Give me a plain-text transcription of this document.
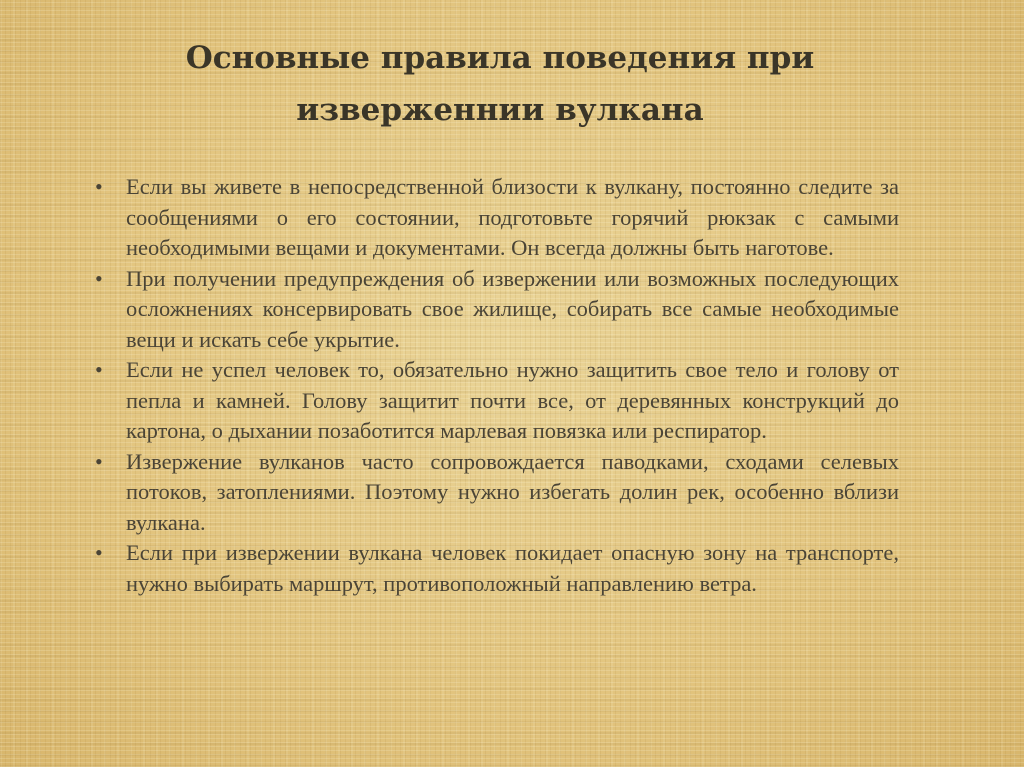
Основные правила поведения при изверженнии вулкана
• Если вы живете в непосредственной близости к вулкану, постоянно следите за сообщениями о его состоянии, подготовьте горячий рюкзак с самыми необходимыми вещами и документами. Он всегда должны быть наготове.
• При получении предупреждения об извержении или возможных последующих осложнениях консервировать свое жилище, собирать все самые необходимые вещи и искать себе укрытие.
• Если не успел человек то, обязательно нужно защитить свое тело и голову от пепла и камней. Голову защитит почти все, от деревянных конструкций до картона, о дыхании позаботится марлевая повязка или респиратор.
• Извержение вулканов часто сопровождается паводками, сходами селевых потоков, затоплениями. Поэтому нужно избегать долин рек, особенно вблизи вулкана.
• Если при извержении вулкана человек покидает опасную зону на транспорте, нужно выбирать маршрут, противоположный направлению ветра.
